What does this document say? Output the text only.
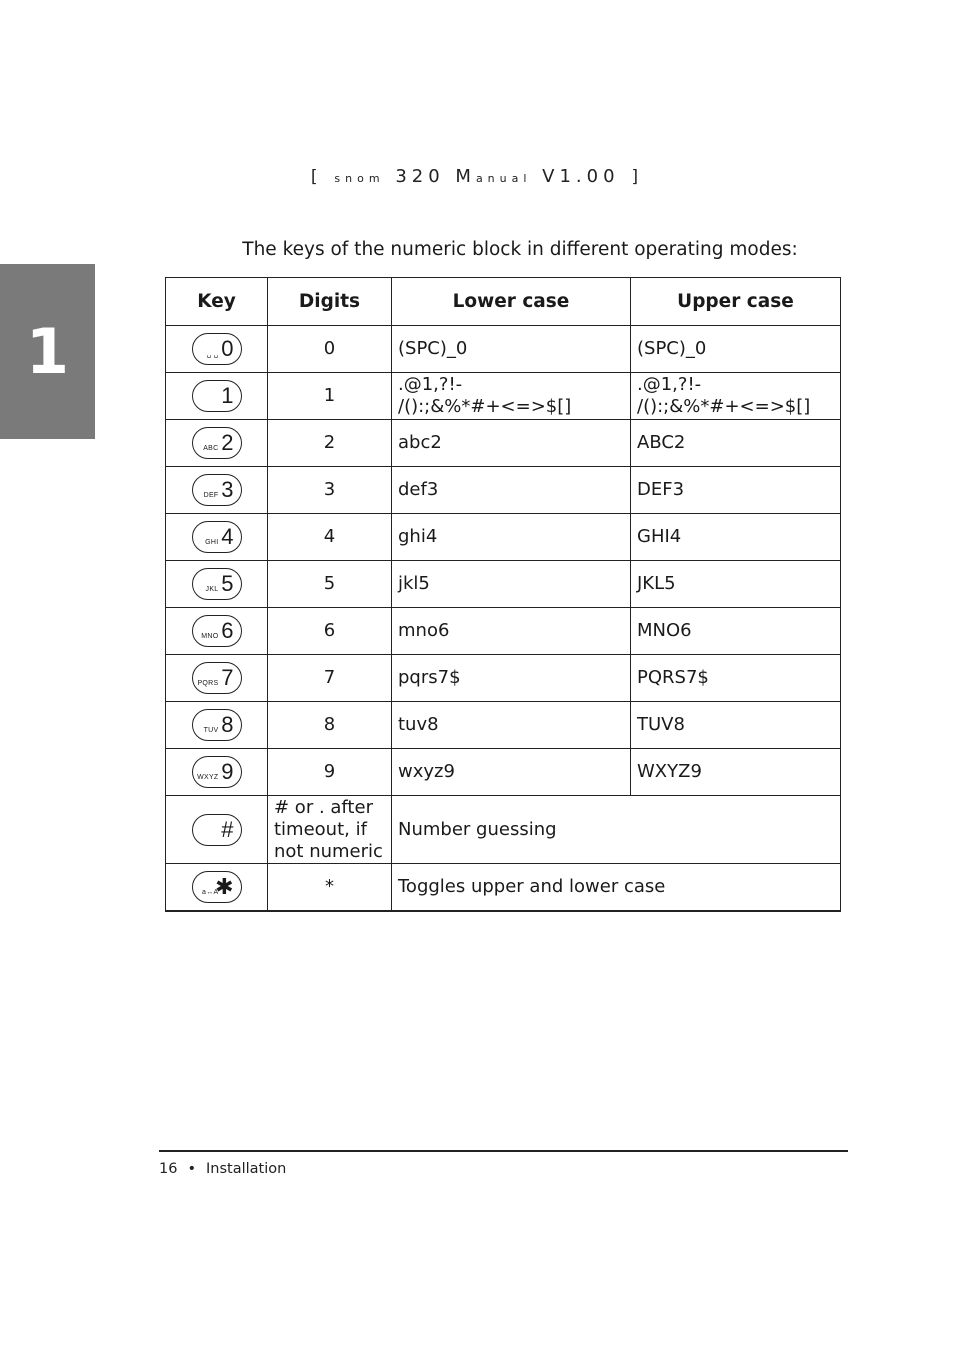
[ snom 320 Manual V1.00 ]
1
The keys of the numeric block in different operating modes:
Key	Digits	Lower case	Upper case

␣ ␣ 0	0	(SPC)_0	(SPC)_0

1	1	.@1,?!-
/():;&%*#+<=>$[]	.@1,?!-
/():;&%*#+<=>$[]

ABC 2	2	abc2	ABC2

DEF 3	3	def3	DEF3

GHI 4	4	ghi4	GHI4

JKL 5	5	jkl5	JKL5

MNO 6	6	mno6	MNO6

PQRS 7	7	pqrs7$	PQRS7$

TUV 8	8	tuv8	TUV8

WXYZ 9	9	wxyz9	WXYZ9

#	# or . after
timeout, if
not numeric	Number guessing	

a↔A
✱	*	Toggles upper and lower case	
16 • Installation
